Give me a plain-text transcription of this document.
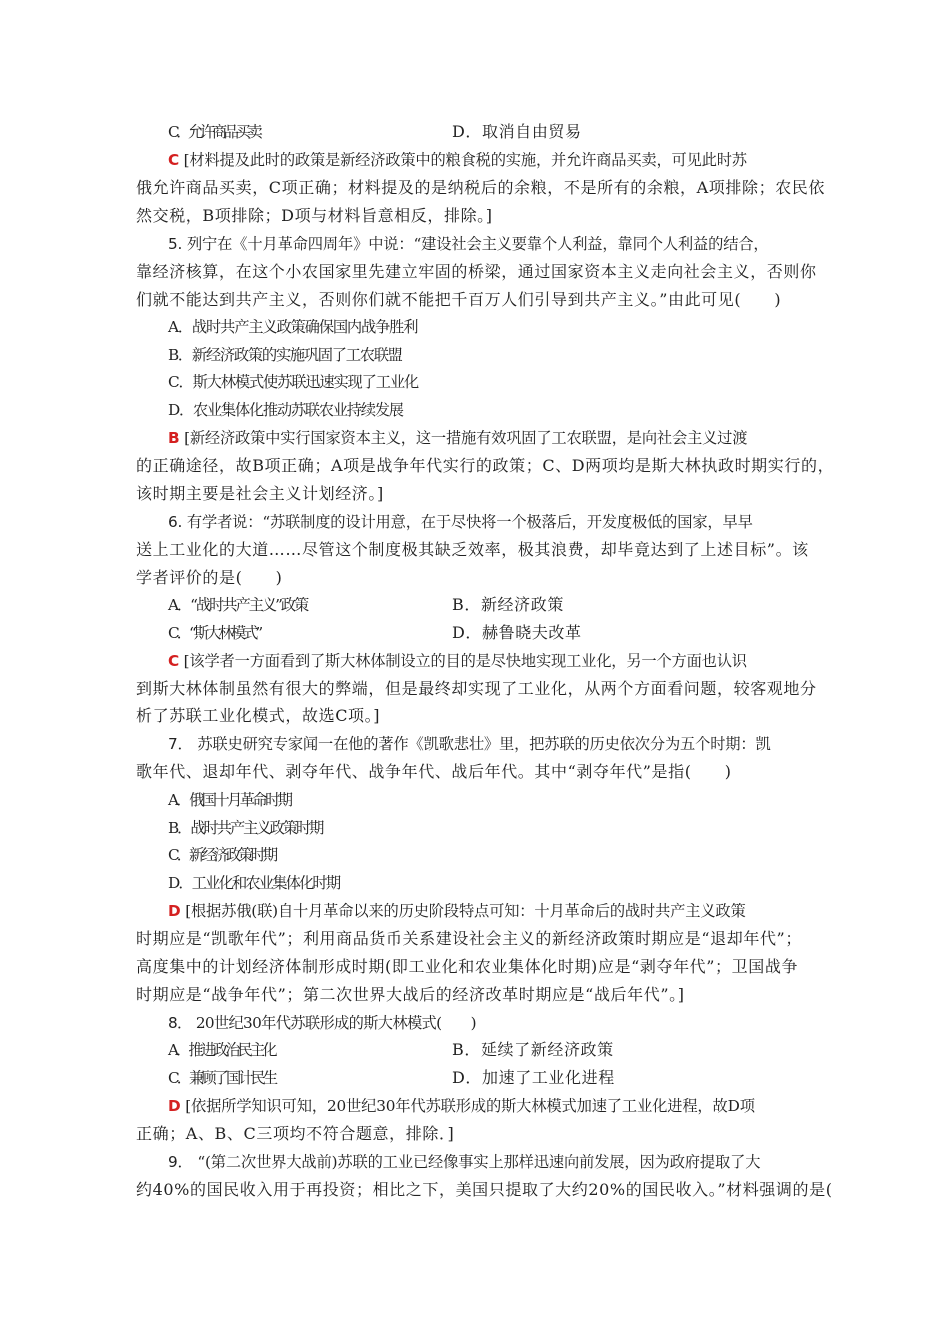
C．允许商品买卖	D．取消自由贸易
C [材料提及此时的政策是新经济政策中的粮食税的实施，并允许商品买卖，可见此时苏
俄允许商品买卖，C项正确；材料提及的是纳税后的余粮，不是所有的余粮，A项排除；农民依
然交税，B项排除；D项与材料旨意相反，排除。]
5. 列宁在《十月革命四周年》中说：“建设社会主义要靠个人利益，靠同个人利益的结合，
靠经济核算，在这个小农国家里先建立牢固的桥梁，通过国家资本主义走向社会主义，否则你
们就不能达到共产主义，否则你们就不能把千百万人们引导到共产主义。”由此可见(　　)
A．战时共产主义政策确保国内战争胜利
B．新经济政策的实施巩固了工农联盟
C．斯大林模式使苏联迅速实现了工业化
D．农业集体化推动苏联农业持续发展
B [新经济政策中实行国家资本主义，这一措施有效巩固了工农联盟，是向社会主义过渡
的正确途径，故B项正确；A项是战争年代实行的政策；C、D两项均是斯大林执政时期实行的，
该时期主要是社会主义计划经济。]
6. 有学者说：“苏联制度的设计用意，在于尽快将一个极落后，开发度极低的国家，早早
送上工业化的大道……尽管这个制度极其缺乏效率，极其浪费，却毕竟达到了上述目标”。该
学者评价的是(　　)
A．“战时共产主义”政策	B．新经济政策
C．“斯大林模式”	D．赫鲁晓夫改革
C [该学者一方面看到了斯大林体制设立的目的是尽快地实现工业化，另一个方面也认识
到斯大林体制虽然有很大的弊端，但是最终却实现了工业化，从两个方面看问题，较客观地分
析了苏联工业化模式，故选C项。]
7． 苏联史研究专家闻一在他的著作《凯歌悲壮》里，把苏联的历史依次分为五个时期：凯
歌年代、退却年代、剥夺年代、战争年代、战后年代。其中“剥夺年代”是指(　　)
A．俄国十月革命时期
B．战时共产主义政策时期
C．新经济政策时期
D．工业化和农业集体化时期
D [根据苏俄(联)自十月革命以来的历史阶段特点可知：十月革命后的战时共产主义政策
时期应是“凯歌年代”；利用商品货币关系建设社会主义的新经济政策时期应是“退却年代”；
高度集中的计划经济体制形成时期(即工业化和农业集体化时期)应是“剥夺年代”；卫国战争
时期应是“战争年代”；第二次世界大战后的经济改革时期应是“战后年代”。]
8． 20世纪30年代苏联形成的斯大林模式(　　)
A．推进政治民主化	B．延续了新经济政策
C．兼顾了国计民生	D．加速了工业化进程
D [依据所学知识可知，20世纪30年代苏联形成的斯大林模式加速了工业化进程，故D项
正确；A、B、C三项均不符合题意，排除．]
9． “(第二次世界大战前)苏联的工业已经像事实上那样迅速向前发展，因为政府提取了大
约40%的国民收入用于再投资；相比之下，美国只提取了大约20%的国民收入。”材料强调的是(
